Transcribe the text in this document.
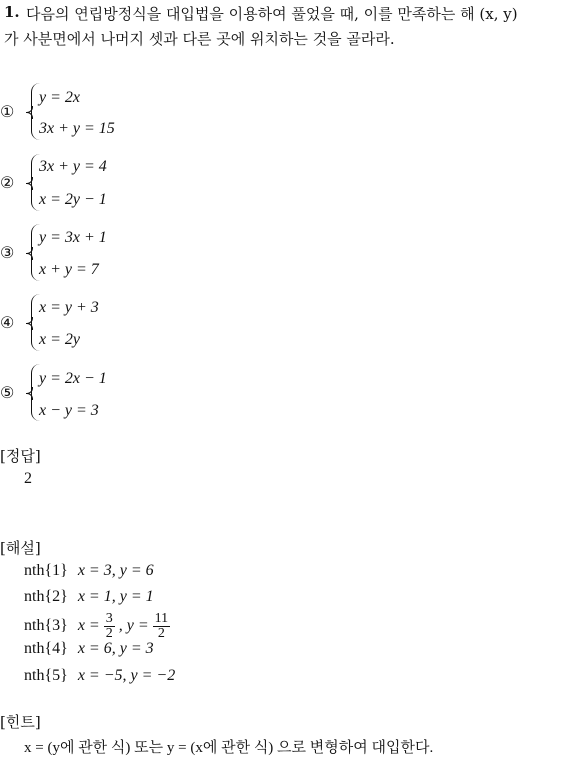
1. 다음의 연립방정식을 대입법을 이용하여 풀었을 때, 이를 만족하는 해 (x, y)
가 사분면에서 나머지 셋과 다른 곳에 위치하는 것을 골라라.
①
y = 2x
3x + y = 15
②
3x + y = 4
x = 2y − 1
③
y = 3x + 1
x + y = 7
④
x = y + 3
x = 2y
⑤
y = 2x − 1
x − y = 3
[정답]
2
[해설]
nth{1} x = 3, y = 6
nth{2} x = 1, y = 1
nth{3} $x = \frac{3}{2}$ , $y = \frac{11}{2}$
nth{4} x = 6, y = 3
nth{5} x = −5, y = −2
[힌트]
x = (y에 관한 식) 또는 y = (x에 관한 식) 으로 변형하여 대입한다.
